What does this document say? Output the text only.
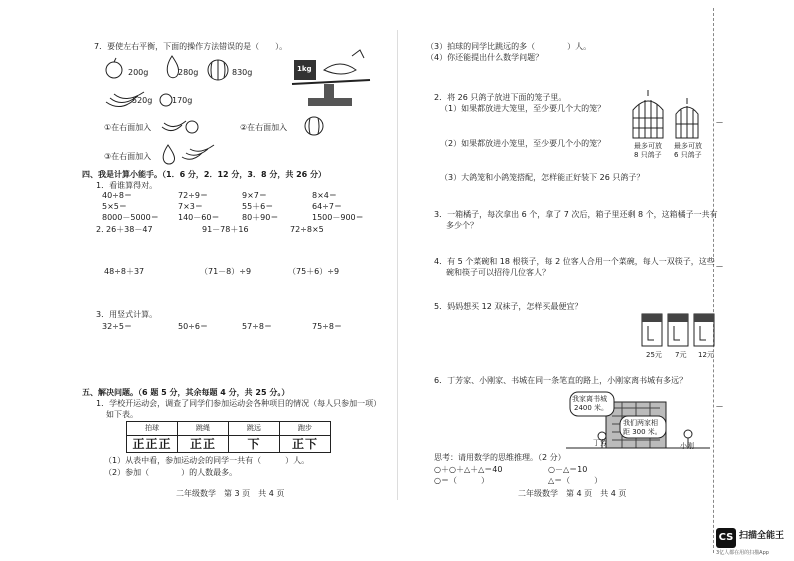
—
—
—
7．要使左右平衡，下面的操作方法错误的是（　　）。
200g	280g	830g	1kg
520g 170g
①在右面加入	②在右面加入
③在右面加入
四、我是计算小能手。（1．6 分，2．12 分，3．8 分，共 26 分）
1．看谁算得对。
40÷8＝	72÷9＝	9×7＝	8×4＝
5×5＝	7×3＝	55＋6＝	64÷7＝
8000－5000＝ 140－60＝	80＋90＝	1500－900＝
2．
26＋38－47	91－78＋16	72÷8×5
48÷8＋37	（71－8）÷9	（75＋6）÷9
3．用竖式计算。
32÷5＝	50÷6＝	57÷8＝	75÷8＝
五、解决问题。（6 题 5 分，其余每题 4 分，共 25 分。）
1．学校开运动会，调查了同学们参加运动会各种项目的情况（每人只参加一项）
如下表。
拍球	跳绳	跳远	跑步
正正正	正正	下	正下
（1）从表中看，参加运动会的同学一共有（　　　）人。
（2）参加（　　　　）的人数最多。
二年级数学　第 3 页　共 4 页
（3）拍球的同学比跳远的多（　　　　）人。
（4）你还能提出什么数学问题？
2．将 26 只鸽子放进下面的笼子里。
（1）如果都放进大笼里，至少要几个大的笼？
最多可放
8 只鸽子
最多可放
6 只鸽子
（2）如果都放进小笼里，至少要几个小的笼？
（3）大鸽笼和小鸽笼搭配，怎样能正好装下 26 只鸽子？
3．一箱橘子，每次拿出 6 个，拿了 7 次后，箱子里还剩 8 个，这箱橘子一共有
多少个？
4．有 5 个菜碗和 18 根筷子，每 2 位客人合用一个菜碗，每人一双筷子，这些
碗和筷子可以招待几位客人？
5．妈妈想买 12 双袜子，怎样买最便宜？
25元 7元 12元
6．丁芳家、小刚家、书城在同一条笔直的路上，小刚家离书城有多远？
我家离书城
2400 米。
我们两家相
距 300 米。
丁芳	小刚
思考：请用数学的思维推理。（2 分）
○＋○＋△＋△＝40	○－△＝10
○＝（　　　）	△＝（　　　）
二年级数学　第 4 页　共 4 页
CS 扫描全能王
3亿人都在用的扫描App
